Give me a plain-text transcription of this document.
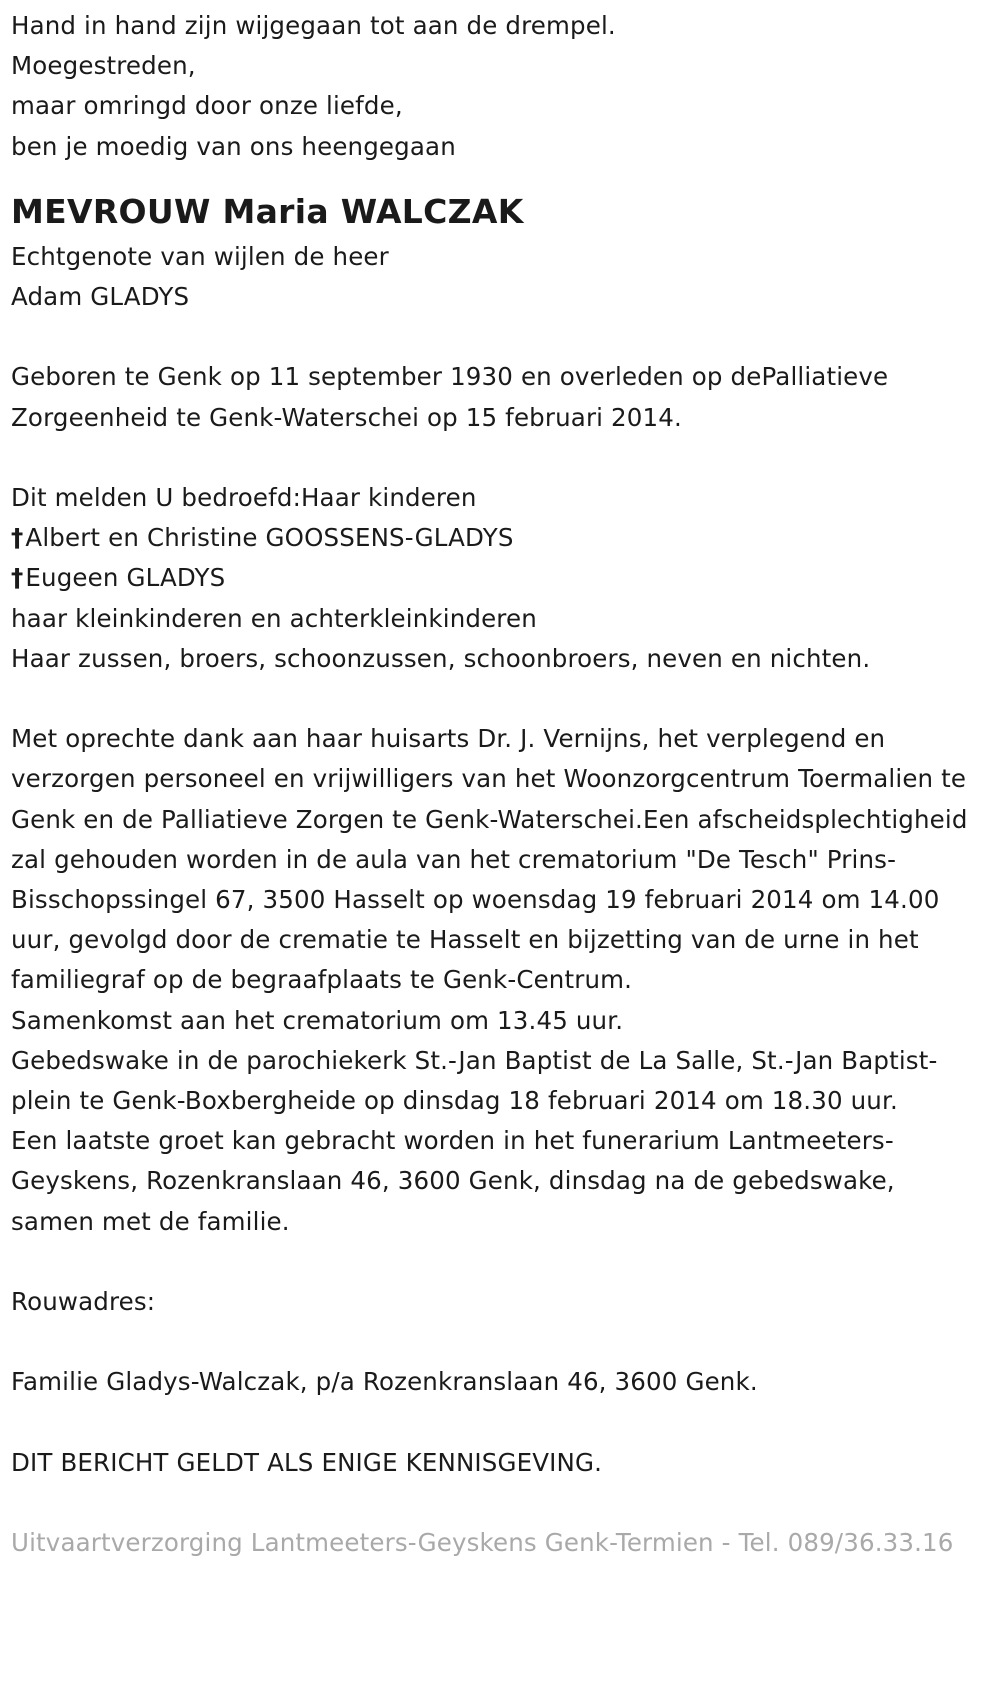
Hand in hand zijn wijgegaan tot aan de drempel.
Moegestreden,
maar omringd door onze liefde,
ben je moedig van ons heengegaan
MEVROUW Maria WALCZAK
Echtgenote van wijlen de heer
Adam GLADYS
Geboren te Genk op 11 september 1930 en overleden op dePalliatieve Zorgeenheid te Genk-Waterschei op 15 februari 2014.
Dit melden U bedroefd:Haar kinderen
†Albert en Christine GOOSSENS-GLADYS
†Eugeen GLADYS
haar kleinkinderen en achterkleinkinderen
Haar zussen, broers, schoonzussen, schoonbroers, neven en nichten.
Met oprechte dank aan haar huisarts Dr. J. Vernijns, het verplegend en verzorgen personeel en vrijwilligers van het Woonzorgcentrum Toermalien te Genk en de Palliatieve Zorgen te Genk-Waterschei.Een afscheidsplechtigheid zal gehouden worden in de aula van het crematorium "De Tesch" Prins-Bisschopssingel 67, 3500 Hasselt op woensdag 19 februari 2014 om 14.00 uur, gevolgd door de crematie te Hasselt en bijzetting van de urne in het familiegraf op de begraafplaats te Genk-Centrum.
Samenkomst aan het crematorium om 13.45 uur.
Gebedswake in de parochiekerk St.-Jan Baptist de La Salle, St.-Jan Baptist-plein te Genk-Boxbergheide op dinsdag 18 februari 2014 om 18.30 uur.
Een laatste groet kan gebracht worden in het funerarium Lantmeeters-Geyskens, Rozenkranslaan 46, 3600 Genk, dinsdag na de gebedswake, samen met de familie.
Rouwadres:
Familie Gladys-Walczak, p/a Rozenkranslaan 46, 3600 Genk.
DIT BERICHT GELDT ALS ENIGE KENNISGEVING.
Uitvaartverzorging Lantmeeters-Geyskens Genk-Termien - Tel. 089/36.33.16
